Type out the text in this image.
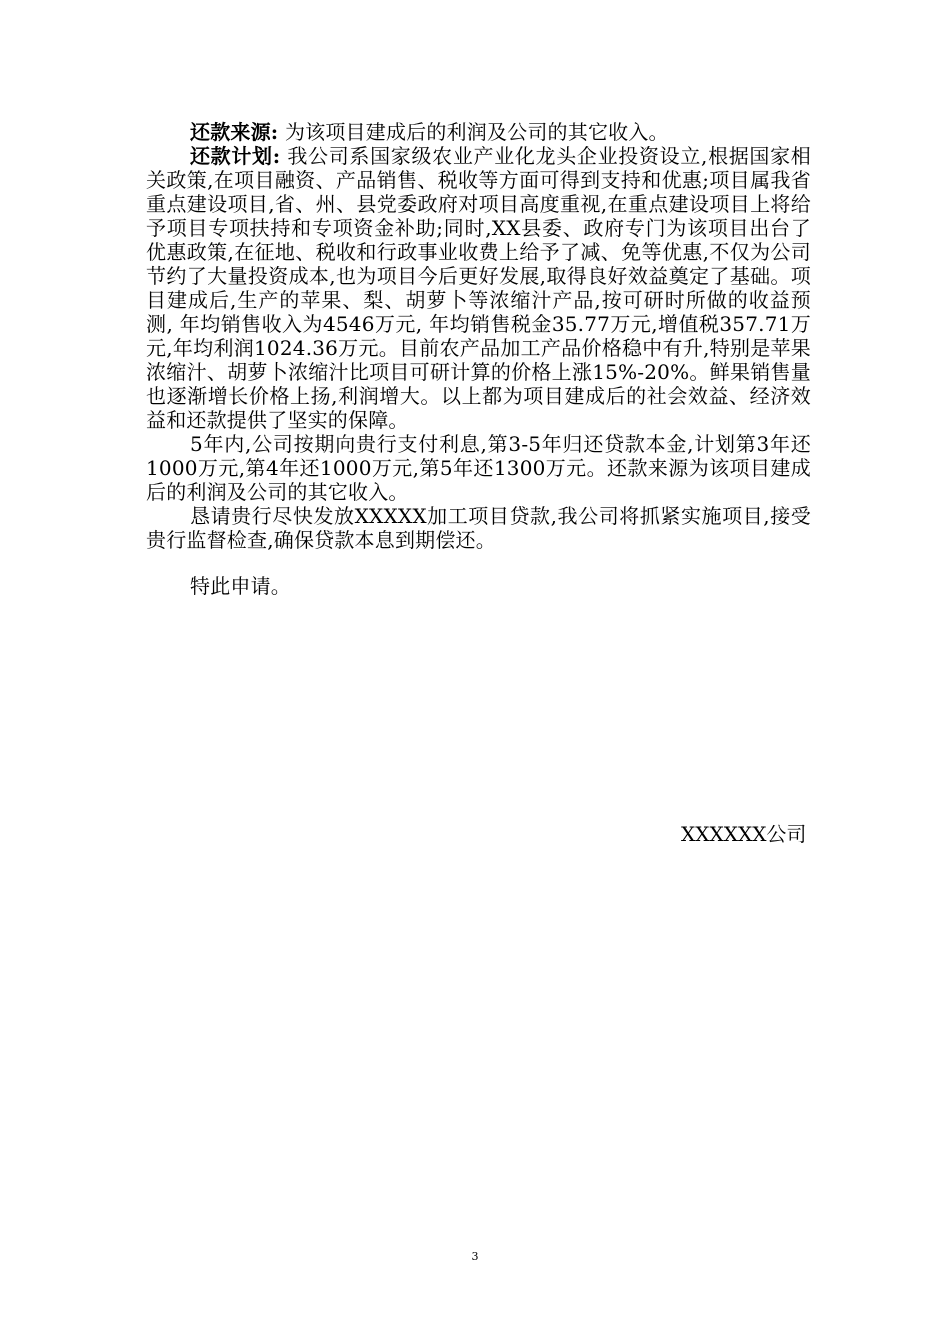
还款来源: 为该项目建成后的利润及公司的其它收入。

还款计划: 我公司系国家级农业产业化龙头企业投资设立,根据国家相关政策,在项目融资、产品销售、税收等方面可得到支持和优惠;项目属我省重点建设项目,省、州、县党委政府对项目高度重视,在重点建设项目上将给予项目专项扶持和专项资金补助;同时,XX县委、政府专门为该项目出台了优惠政策,在征地、税收和行政事业收费上给予了减、免等优惠,不仅为公司节约了大量投资成本,也为项目今后更好发展,取得良好效益奠定了基础。项目建成后,生产的苹果、梨、胡萝卜等浓缩汁产品,按可研时所做的收益预测, 年均销售收入为4546万元, 年均销售税金35.77万元,增值税357.71万元,年均利润1024.36万元。目前农产品加工产品价格稳中有升,特别是苹果浓缩汁、胡萝卜浓缩汁比项目可研计算的价格上涨15%-20%。鲜果销售量也逐渐增长价格上扬,利润增大。以上都为项目建成后的社会效益、经济效益和还款提供了坚实的保障。

5年内,公司按期向贵行支付利息,第3-5年归还贷款本金,计划第3年还1000万元,第4年还1000万元,第5年还1300万元。还款来源为该项目建成后的利润及公司的其它收入。

恳请贵行尽快发放XXXXX加工项目贷款,我公司将抓紧实施项目,接受贵行监督检查,确保贷款本息到期偿还。

特此申请。

XXXXXX公司
3
